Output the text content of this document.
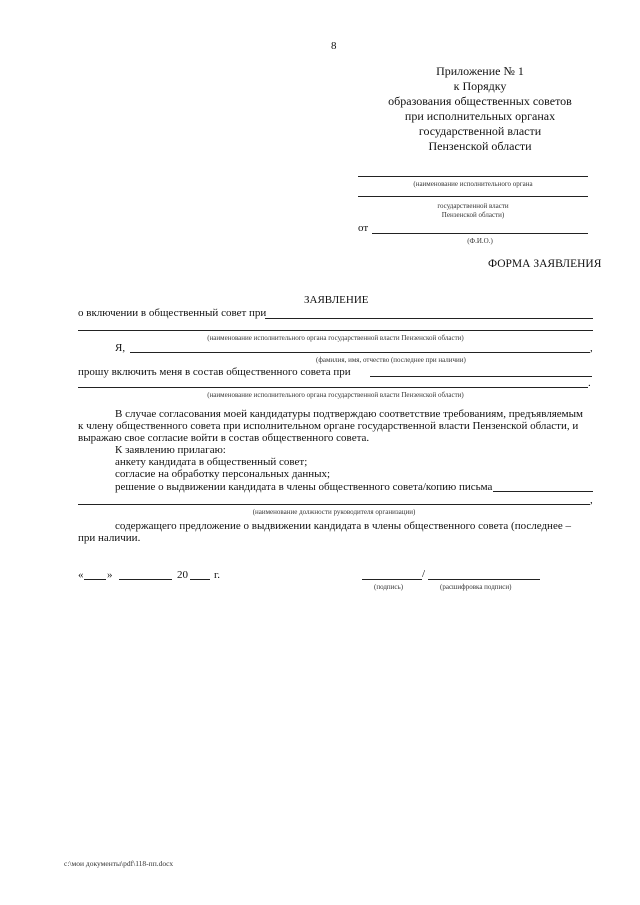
8
Приложение № 1
к Порядку
образования общественных советов
при исполнительных органах
государственной власти
Пензенской области
(наименование исполнительного органа
государственной власти
Пензенской области)
от
(Ф.И.О.)
ФОРМА ЗАЯВЛЕНИЯ
ЗАЯВЛЕНИЕ
о включении в общественный совет при
(наименование исполнительного органа государственной власти Пензенской области)
Я,	,
(фамилия, имя, отчество (последнее при наличии)
прошу включить меня в состав общественного совета при
.
(наименование исполнительного органа государственной власти Пензенской области)
В случае согласования моей кандидатуры подтверждаю соответствие требованиям, предъявляемым
к члену общественного совета при исполнительном органе государственной власти Пензенской области, и
выражаю свое согласие войти в состав общественного совета.
К заявлению прилагаю:
анкету кандидата в общественный совет;
согласие на обработку персональных данных;
решение о выдвижении кандидата в члены общественного совета/копию письма
,
(наименование должности руководителя организации)
содержащего предложение о выдвижении кандидата в члены общественного совета (последнее –
при наличии.
« »	20 г.	/
(подпись)	(расшифровка подписи)
c:\мои документы\pdf\118-пп.docx
